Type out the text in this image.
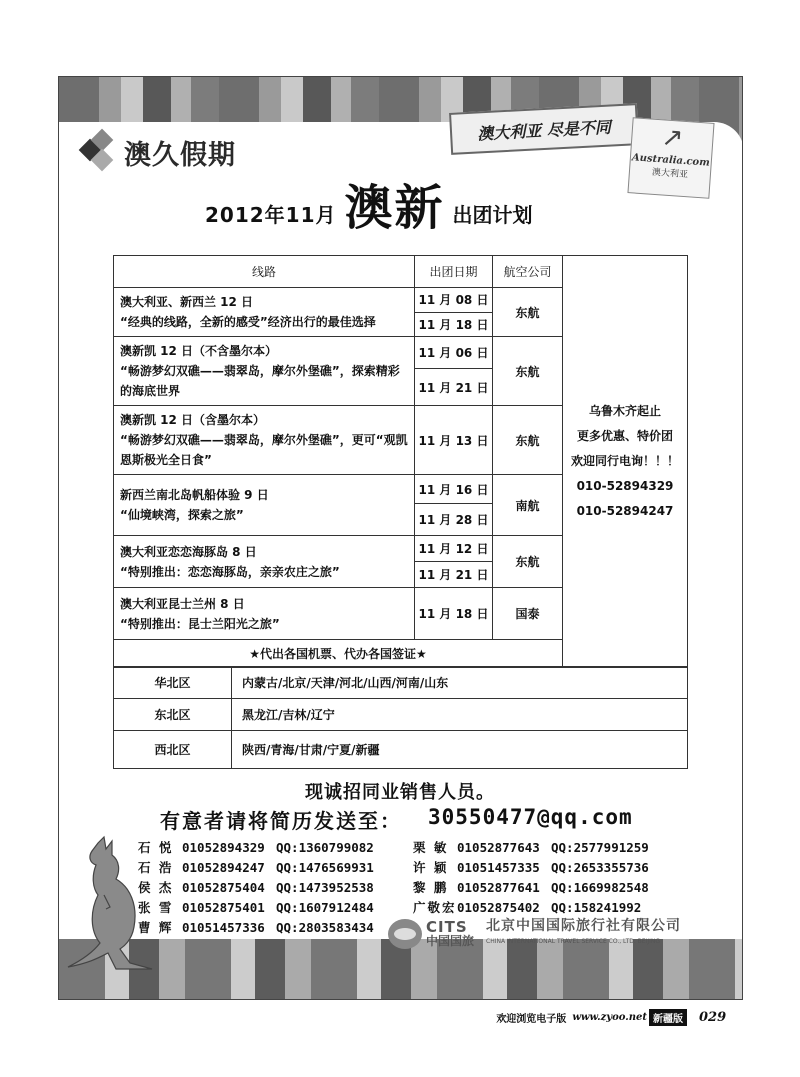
澳久假期
澳大利亚 尽是不同	↗
Australia.com
澳大利亚
2012年11月 澳新 出团计划
线路	出团日期	航空公司	乌鲁木齐起止
更多优惠、特价团
欢迎同行电询！！！
010-52894329
010-52894247

澳大利亚、新西兰 12 日
“经典的线路，全新的感受”经济出行的最佳选择	11 月 08 日	东航	
	11 月 18 日		

澳新凯 12 日（不含墨尔本）
“畅游梦幻双礁——翡翠岛，摩尔外堡礁”，探索精彩的海底世界	11 月 06 日	东航	
	11 月 21 日		

澳新凯 12 日（含墨尔本）
“畅游梦幻双礁——翡翠岛，摩尔外堡礁”，更可“观凯恩斯极光全日食”	11 月 13 日	东航	

新西兰南北岛帆船体验 9 日
“仙境峡湾，探索之旅”	11 月 16 日	南航	
	11 月 28 日		

澳大利亚恋恋海豚岛 8 日
“特别推出：恋恋海豚岛，亲亲农庄之旅”	11 月 12 日	东航	
	11 月 21 日		

澳大利亚昆士兰州 8 日
“特别推出：昆士兰阳光之旅”	11 月 18 日	国泰	
★代出各国机票、代办各国签证★			
华北区	内蒙古/北京/天津/河北/山西/河南/山东
东北区	黑龙江/吉林/辽宁
西北区	陕西/青海/甘肃/宁夏/新疆
现诚招同业销售人员。
有意者请将简历发送至： 30550477@qq.com
石 悦 01052894329 QQ:1360799082
石 浩 01052894247 QQ:1476569931
侯 杰 01052875404 QQ:1473952538
张 雪 01052875401 QQ:1607912484
曹 辉 01051457336 QQ:2803583434
栗 敏 01052877643 QQ:2577991259
许 颖 01051457335 QQ:2653355736
黎 鹏 01052877641 QQ:1669982548
广敬宏 01052875402 QQ:158241992
CITS
中国国旅
北京中国国际旅行社有限公司
CHINA INTERNATIONAL TRAVEL SERVICE CO., LTD. BEIJING
欢迎浏览电子版 www.zyoo.net 新疆版	029
